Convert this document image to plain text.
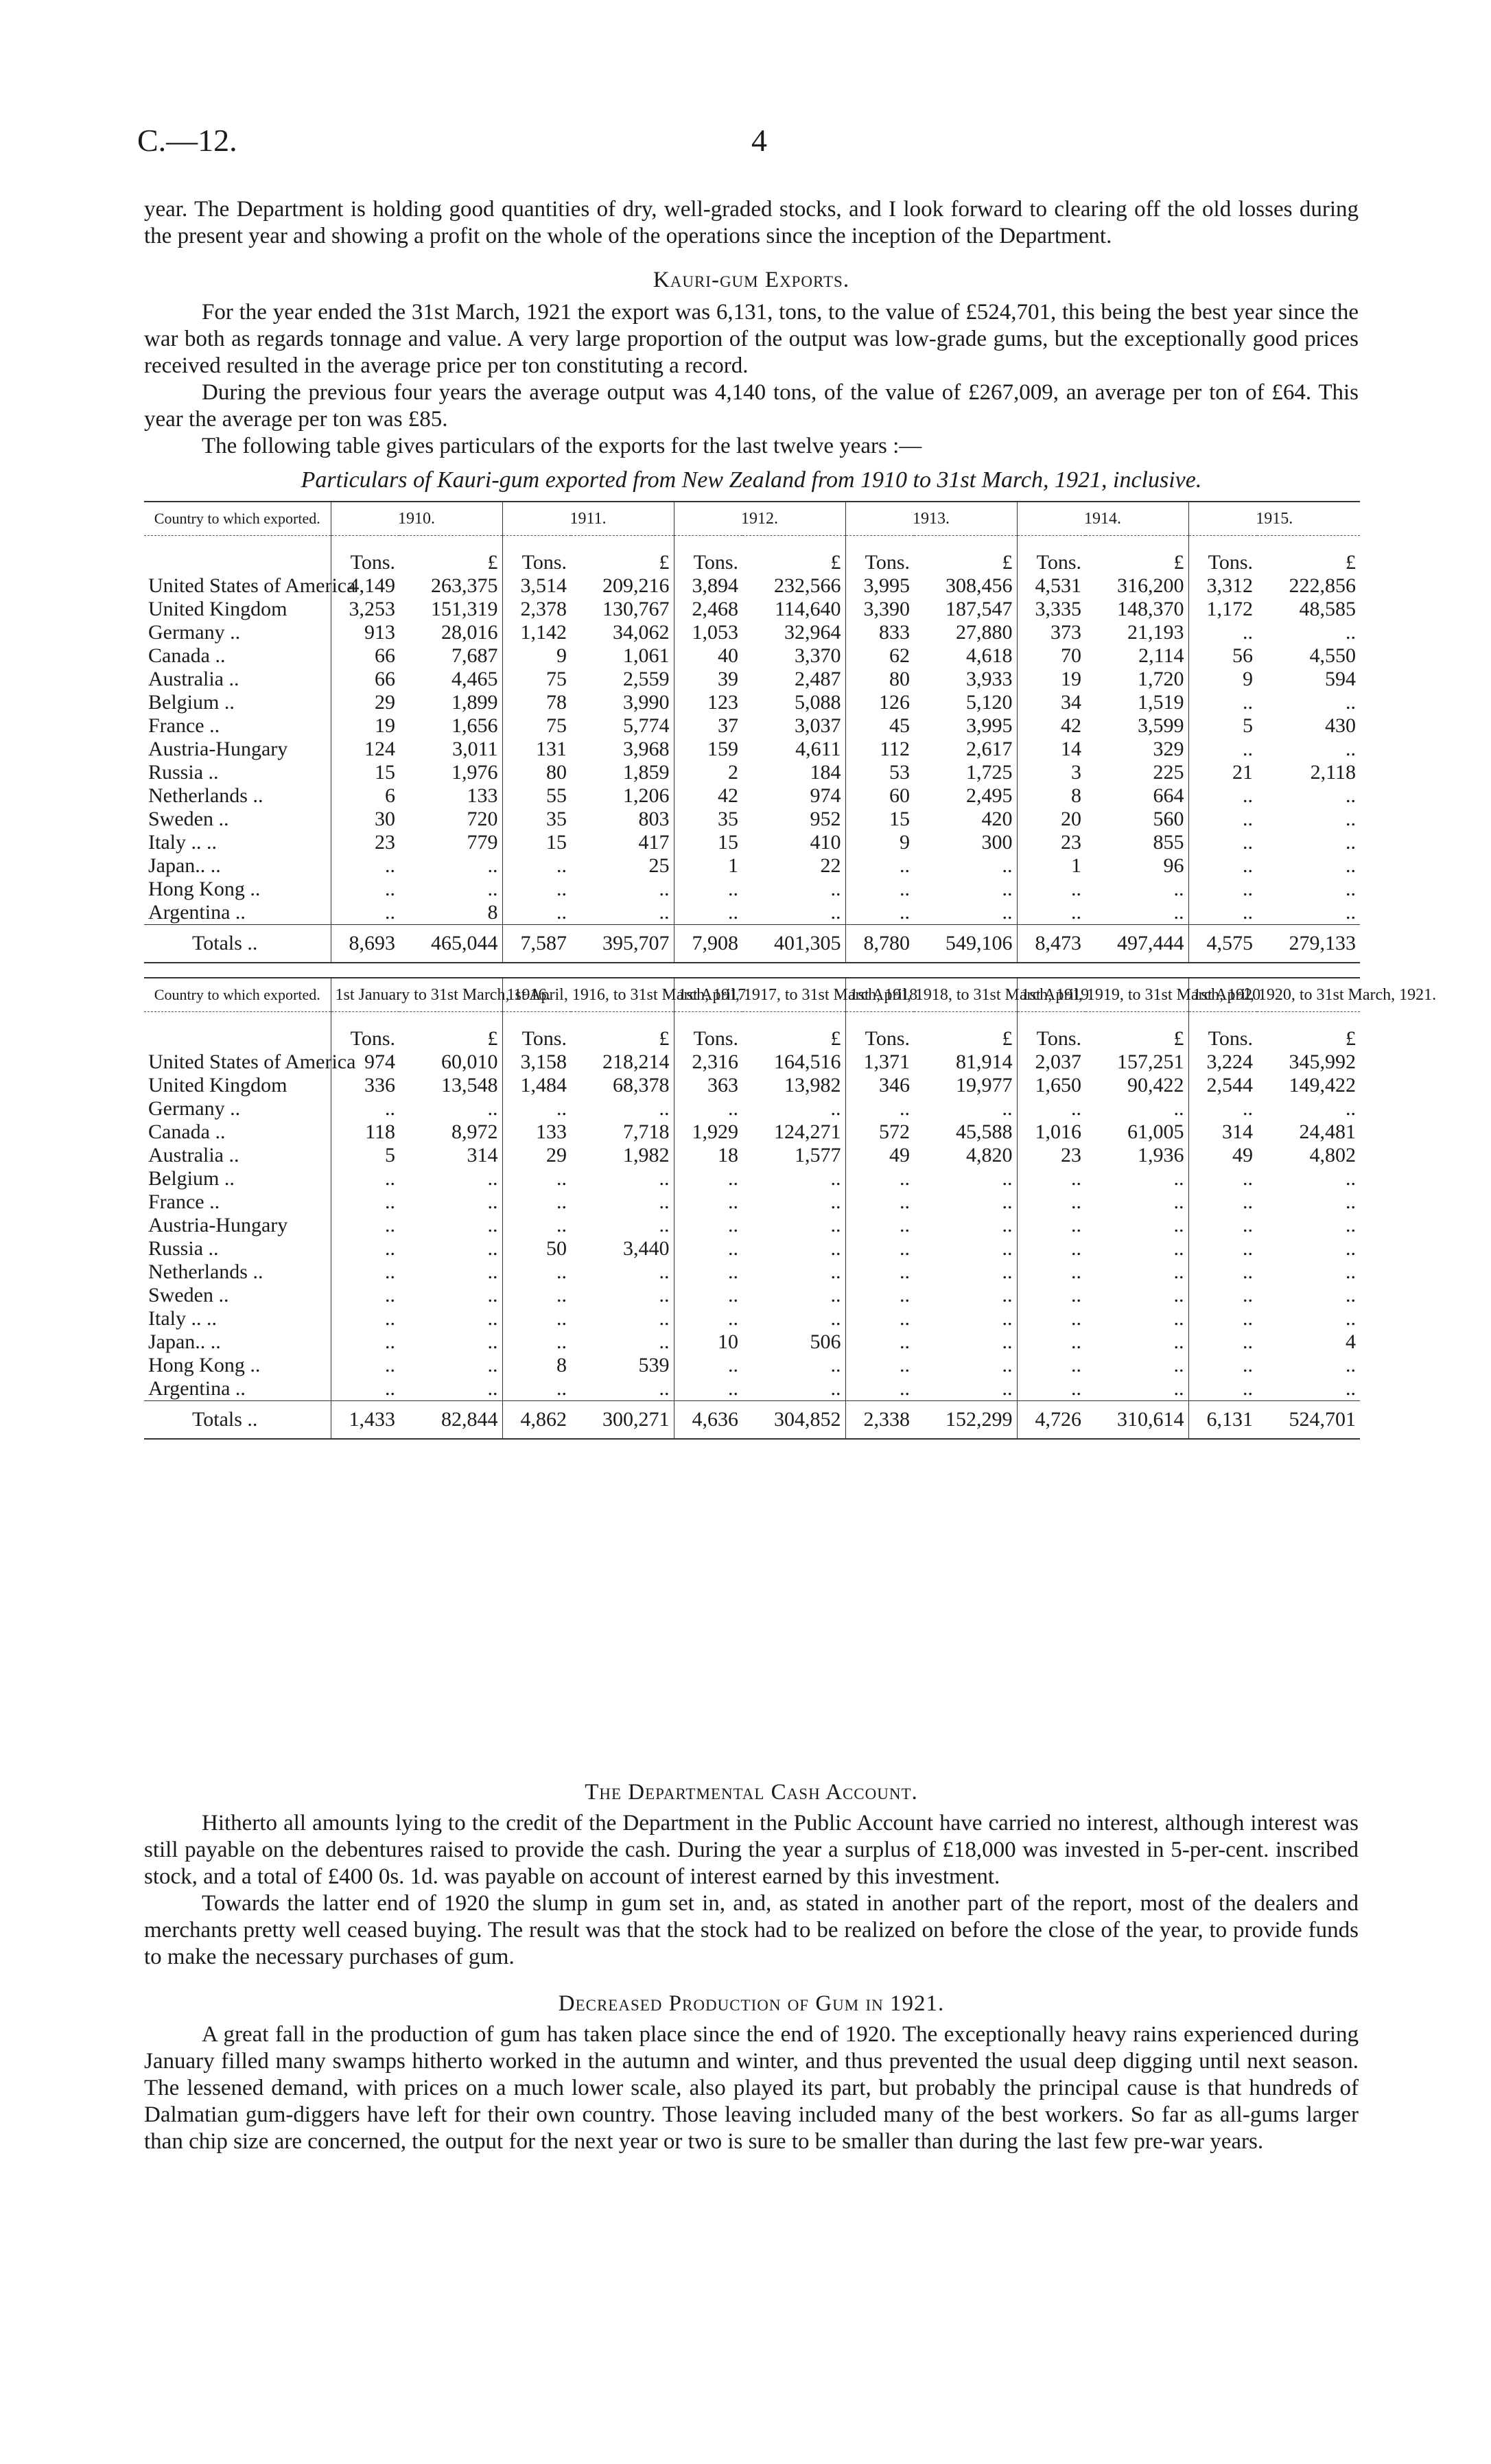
C.—12.	4

year. The Department is holding good quantities of dry, well-graded stocks, and I look forward to clearing off the old losses during the present year and showing a profit on the whole of the operations since the inception of the Department.

Kauri-gum Exports.

For the year ended the 31st March, 1921 the export was 6,131, tons, to the value of £524,701, this being the best year since the war both as regards tonnage and value. A very large proportion of the output was low-grade gums, but the exceptionally good prices received resulted in the average price per ton constituting a record.

During the previous four years the average output was 4,140 tons, of the value of £267,009, an average per ton of £64. This year the average per ton was £85.

The following table gives particulars of the exports for the last twelve years :—

Particulars of Kauri-gum exported from New Zealand from 1910 to 31st March, 1921, inclusive.
Country to which exported.	1910.		1911.		1912.		1913.		1914.		1915.	
	Tons.	£	Tons.	£	Tons.	£	Tons.	£	Tons.	£	Tons.	£
United States of America	4,149	263,375	3,514	209,216	3,894	232,566	3,995	308,456	4,531	316,200	3,312	222,856
United Kingdom	3,253	151,319	2,378	130,767	2,468	114,640	3,390	187,547	3,335	148,370	1,172	48,585
Germany ..	913	28,016	1,142	34,062	1,053	32,964	833	27,880	373	21,193	..	..
Canada ..	66	7,687	9	1,061	40	3,370	62	4,618	70	2,114	56	4,550
Australia ..	66	4,465	75	2,559	39	2,487	80	3,933	19	1,720	9	594
Belgium ..	29	1,899	78	3,990	123	5,088	126	5,120	34	1,519	..	..
France ..	19	1,656	75	5,774	37	3,037	45	3,995	42	3,599	5	430
Austria-Hungary	124	3,011	131	3,968	159	4,611	112	2,617	14	329	..	..
Russia ..	15	1,976	80	1,859	2	184	53	1,725	3	225	21	2,118
Netherlands ..	6	133	55	1,206	42	974	60	2,495	8	664	..	..
Sweden ..	30	720	35	803	35	952	15	420	20	560	..	..
Italy .. ..	23	779	15	417	15	410	9	300	23	855	..	..
Japan.. ..	..	..	..	25	1	22	..	..	1	96	..	..
Hong Kong ..	..	..	..	..	..	..	..	..	..	..	..	..
Argentina ..	..	8	..	..	..	..	..	..	..	..	..	..
Totals ..	8,693	465,044	7,587	395,707	7,908	401,305	8,780	549,106	8,473	497,444	4,575	279,133
Country to which exported.	1st January to 31st March, 1916.		1st April, 1916, to 31st March, 1917.		1st April, 1917, to 31st March, 1918.		1st April, 1918, to 31st March, 1919.		1st April, 1919, to 31st March, 1920.		1st April, 1920, to 31st March, 1921.	
	Tons.	£	Tons.	£	Tons.	£	Tons.	£	Tons.	£	Tons.	£
United States of America	974	60,010	3,158	218,214	2,316	164,516	1,371	81,914	2,037	157,251	3,224	345,992
United Kingdom	336	13,548	1,484	68,378	363	13,982	346	19,977	1,650	90,422	2,544	149,422
Germany ..	..	..	..	..	..	..	..	..	..	..	..	..
Canada ..	118	8,972	133	7,718	1,929	124,271	572	45,588	1,016	61,005	314	24,481
Australia ..	5	314	29	1,982	18	1,577	49	4,820	23	1,936	49	4,802
Belgium ..	..	..	..	..	..	..	..	..	..	..	..	..
France ..	..	..	..	..	..	..	..	..	..	..	..	..
Austria-Hungary	..	..	..	..	..	..	..	..	..	..	..	..
Russia ..	..	..	50	3,440	..	..	..	..	..	..	..	..
Netherlands ..	..	..	..	..	..	..	..	..	..	..	..	..
Sweden ..	..	..	..	..	..	..	..	..	..	..	..	..
Italy .. ..	..	..	..	..	..	..	..	..	..	..	..	..
Japan.. ..	..	..	..	..	10	506	..	..	..	..	..	4
Hong Kong ..	..	..	8	539	..	..	..	..	..	..	..	..
Argentina ..	..	..	..	..	..	..	..	..	..	..	..	..
Totals ..	1,433	82,844	4,862	300,271	4,636	304,852	2,338	152,299	4,726	310,614	6,131	524,701
The Departmental Cash Account.

Hitherto all amounts lying to the credit of the Department in the Public Account have carried no interest, although interest was still payable on the debentures raised to provide the cash. During the year a surplus of £18,000 was invested in 5-per-cent. inscribed stock, and a total of £400 0s. 1d. was payable on account of interest earned by this investment.

Towards the latter end of 1920 the slump in gum set in, and, as stated in another part of the report, most of the dealers and merchants pretty well ceased buying. The result was that the stock had to be realized on before the close of the year, to provide funds to make the necessary purchases of gum.

Decreased Production of Gum in 1921.

A great fall in the production of gum has taken place since the end of 1920. The exceptionally heavy rains experienced during January filled many swamps hitherto worked in the autumn and winter, and thus prevented the usual deep digging until next season. The lessened demand, with prices on a much lower scale, also played its part, but probably the principal cause is that hundreds of Dalmatian gum-diggers have left for their own country. Those leaving included many of the best workers. So far as all-gums larger than chip size are concerned, the output for the next year or two is sure to be smaller than during the last few pre-war years.
